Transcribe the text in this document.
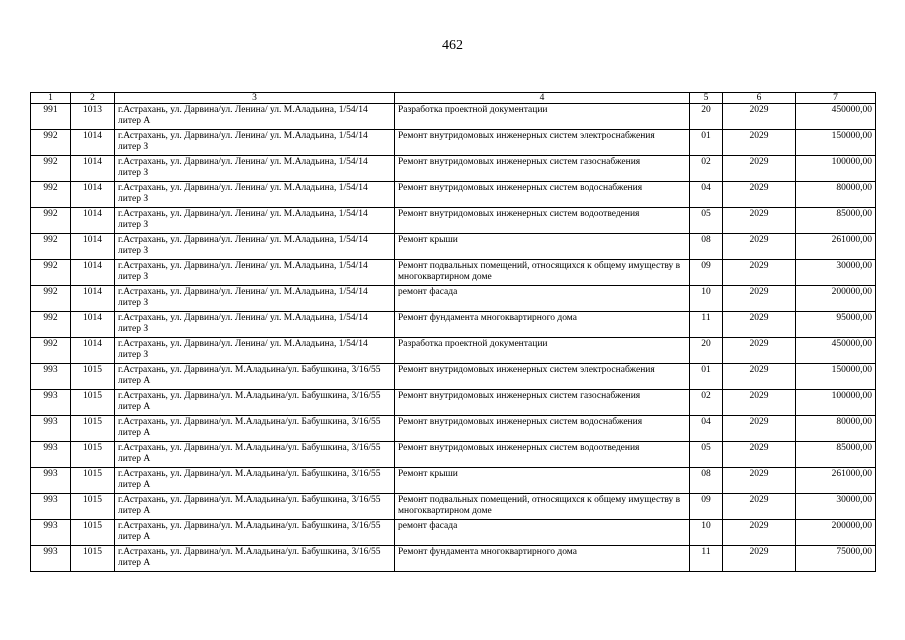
462
1	2	3	4	5	6	7
991	1013	г.Астрахань, ул. Дарвина/ул. Ленина/ ул. М.Аладьина, 1/54/14 литер А	Разработка проектной документации	20	2029	450000,00
992	1014	г.Астрахань, ул. Дарвина/ул. Ленина/ ул. М.Аладьина, 1/54/14 литер З	Ремонт внутридомовых инженерных систем электроснабжения	01	2029	150000,00
992	1014	г.Астрахань, ул. Дарвина/ул. Ленина/ ул. М.Аладьина, 1/54/14 литер З	Ремонт внутридомовых инженерных систем газоснабжения	02	2029	100000,00
992	1014	г.Астрахань, ул. Дарвина/ул. Ленина/ ул. М.Аладьина, 1/54/14 литер З	Ремонт внутридомовых инженерных систем водоснабжения	04	2029	80000,00
992	1014	г.Астрахань, ул. Дарвина/ул. Ленина/ ул. М.Аладьина, 1/54/14 литер З	Ремонт внутридомовых инженерных систем водоотведения	05	2029	85000,00
992	1014	г.Астрахань, ул. Дарвина/ул. Ленина/ ул. М.Аладьина, 1/54/14 литер З	Ремонт крыши	08	2029	261000,00
992	1014	г.Астрахань, ул. Дарвина/ул. Ленина/ ул. М.Аладьина, 1/54/14 литер З	Ремонт подвальных помещений, относящихся к общему имуществу в многоквартирном доме	09	2029	30000,00
992	1014	г.Астрахань, ул. Дарвина/ул. Ленина/ ул. М.Аладьина, 1/54/14 литер З	ремонт фасада	10	2029	200000,00
992	1014	г.Астрахань, ул. Дарвина/ул. Ленина/ ул. М.Аладьина, 1/54/14 литер З	Ремонт фундамента многоквартирного дома	11	2029	95000,00
992	1014	г.Астрахань, ул. Дарвина/ул. Ленина/ ул. М.Аладьина, 1/54/14 литер З	Разработка проектной документации	20	2029	450000,00
993	1015	г.Астрахань, ул. Дарвина/ул. М.Аладьина/ул. Бабушкина, 3/16/55 литер А	Ремонт внутридомовых инженерных систем электроснабжения	01	2029	150000,00
993	1015	г.Астрахань, ул. Дарвина/ул. М.Аладьина/ул. Бабушкина, 3/16/55 литер А	Ремонт внутридомовых инженерных систем газоснабжения	02	2029	100000,00
993	1015	г.Астрахань, ул. Дарвина/ул. М.Аладьина/ул. Бабушкина, 3/16/55 литер А	Ремонт внутридомовых инженерных систем водоснабжения	04	2029	80000,00
993	1015	г.Астрахань, ул. Дарвина/ул. М.Аладьина/ул. Бабушкина, 3/16/55 литер А	Ремонт внутридомовых инженерных систем водоотведения	05	2029	85000,00
993	1015	г.Астрахань, ул. Дарвина/ул. М.Аладьина/ул. Бабушкина, 3/16/55 литер А	Ремонт крыши	08	2029	261000,00
993	1015	г.Астрахань, ул. Дарвина/ул. М.Аладьина/ул. Бабушкина, 3/16/55 литер А	Ремонт подвальных помещений, относящихся к общему имуществу в многоквартирном доме	09	2029	30000,00
993	1015	г.Астрахань, ул. Дарвина/ул. М.Аладьина/ул. Бабушкина, 3/16/55 литер А	ремонт фасада	10	2029	200000,00
993	1015	г.Астрахань, ул. Дарвина/ул. М.Аладьина/ул. Бабушкина, 3/16/55 литер А	Ремонт фундамента многоквартирного дома	11	2029	75000,00
